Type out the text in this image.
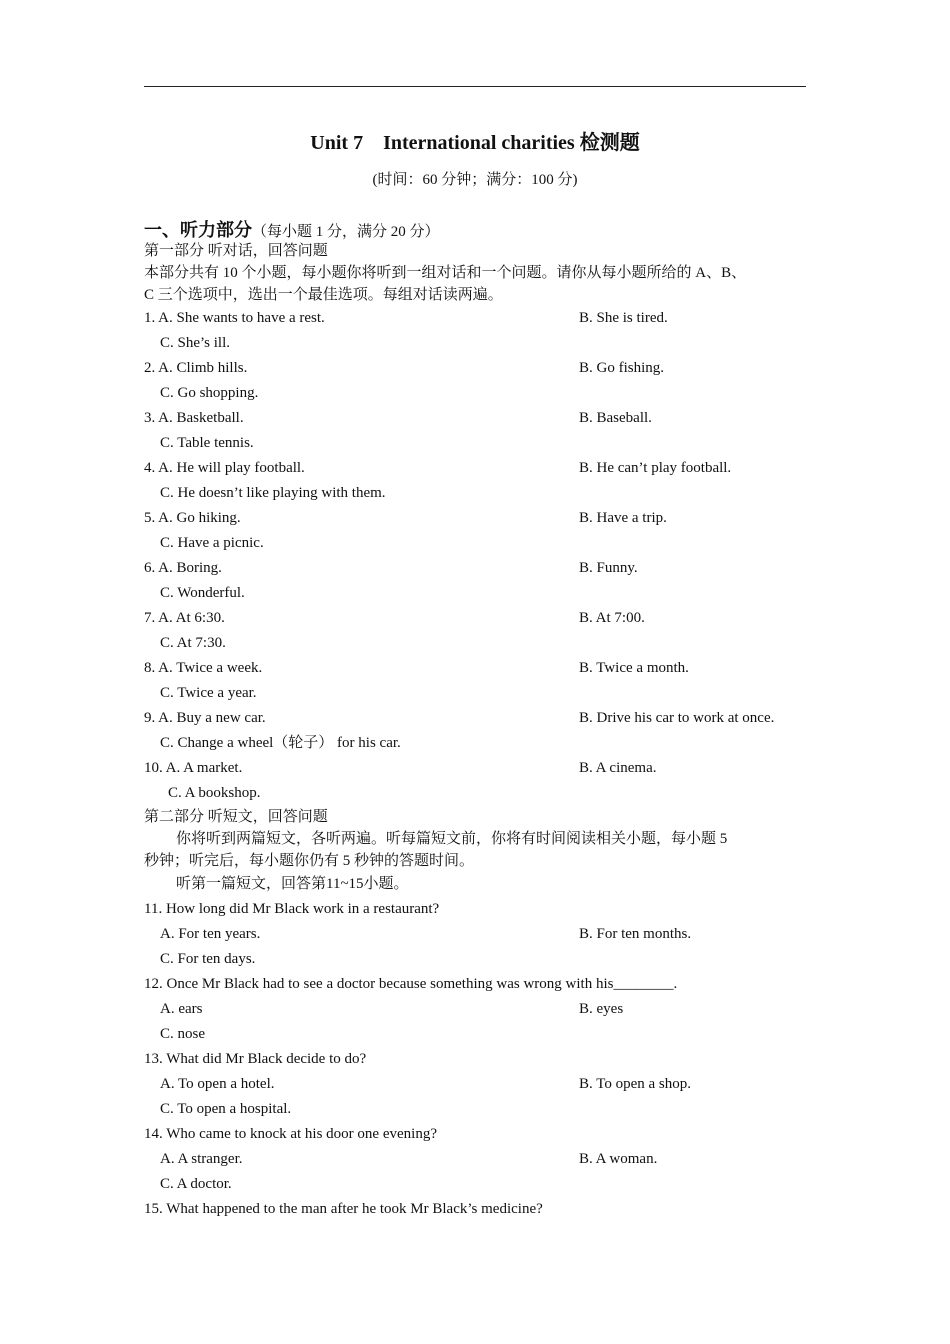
Unit 7    International charities 检测题
(时间：60 分钟；满分：100 分)
一、听力部分（每小题 1 分，满分 20 分）
第一部分 听对话，回答问题
本部分共有 10 个小题，每小题你将听到一组对话和一个问题。请你从每小题所给的 A、B、
C 三个选项中，选出一个最佳选项。每组对话读两遍。
1. A. She wants to have a rest.	B. She is tired.
C. She’s ill.
2. A. Climb hills.	B. Go fishing.
C. Go shopping.
3. A. Basketball.	B. Baseball.
C. Table tennis.
4. A. He will play football.	B. He can’t play football.
C. He doesn’t like playing with them.
5. A. Go hiking.	B. Have a trip.
C. Have a picnic.
6. A. Boring.	B. Funny.
C. Wonderful.
7. A. At 6:30.	B. At 7:00.
C. At 7:30.
8. A. Twice a week.	B. Twice a month.
C. Twice a year.
9. A. Buy a new car.	B. Drive his car to work at once.
C. Change a wheel（轮子） for his car.
10. A. A market.	B. A cinema.
C. A bookshop.
第二部分 听短文，回答问题
你将听到两篇短文，各听两遍。听每篇短文前，你将有时间阅读相关小题，每小题 5
秒钟；听完后，每小题你仍有 5 秒钟的答题时间。
听第一篇短文，回答第11~15小题。
11. How long did Mr Black work in a restaurant?
A. For ten years.	B. For ten months.
C. For ten days.
12. Once Mr Black had to see a doctor because something was wrong with his________.
A. ears	B. eyes
C. nose
13. What did Mr Black decide to do?
A. To open a hotel.	B. To open a shop.
C. To open a hospital.
14. Who came to knock at his door one evening?
A. A stranger.	B. A woman.
C. A doctor.
15. What happened to the man after he took Mr Black’s medicine?
